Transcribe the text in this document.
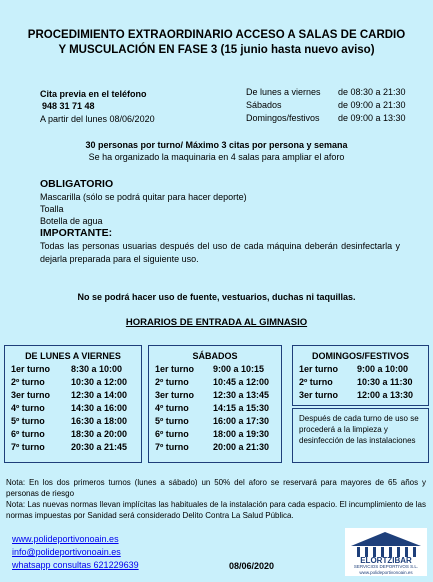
PROCEDIMIENTO EXTRAORDINARIO ACCESO A SALAS DE CARDIO
Y MUSCULACIÓN EN FASE 3 (15 junio hasta nuevo aviso)
Cita previa en el teléfono
948 31 71 48
A partir del lunes 08/06/2020
De lunes a viernes	de 08:30 a 21:30
Sábados	de 09:00 a 21:30
Domingos/festivos	de 09:00 a 13:30
30 personas por turno/ Máximo 3 citas por persona y semana
Se ha organizado la maquinaria en 4 salas para ampliar el aforo
OBLIGATORIO
Mascarilla (sólo se podrá quitar para hacer deporte)
Toalla
Botella de agua
IMPORTANTE:
Todas las personas usuarias después del uso de cada máquina deberán desinfectarla y dejarla preparada para el siguiente uso.
No se podrá hacer uso de fuente, vestuarios, duchas ni taquillas.
HORARIOS DE ENTRADA AL GIMNASIO
DE LUNES A VIERNES
1er turno	8:30 a 10:00
2º turno	10:30 a 12:00
3er turno	12:30 a 14:00
4º turno	14:30 a 16:00
5º turno	16:30 a 18:00
6º turno	18:30 a 20:00
7º turno	20:30 a 21:45
SÁBADOS
1er turno	9:00 a 10:15
2º turno	10:45 a 12:00
3er turno	12:30 a 13:45
4º turno	14:15 a 15:30
5º turno	16:00 a 17:30
6º turno	18:00 a 19:30
7º turno	20:00 a 21:30
DOMINGOS/FESTIVOS
1er turno	9:00 a 10:00
2º turno	10:30 a 11:30
3er turno	12:00 a 13:30
Después de cada turno de uso se procederá a la limpieza y desinfección de las instalaciones
Nota: En los dos primeros turnos (lunes a sábado) un 50% del aforo se reservará para mayores de 65 años y personas de riesgo
Nota: Las nuevas normas llevan implícitas las habituales de la instalación para cada espacio. El incumplimiento de las normas impuestas por Sanidad será considerado Delito Contra La Salud Pública.
www.polideportivonoain.es
info@polideportivonoain.es
whatsapp consultas 621229639	08/06/2020
ELORTZIBAR
SERVICIOS DEPORTIVOS S.L.
www.polideportivonoain.es
